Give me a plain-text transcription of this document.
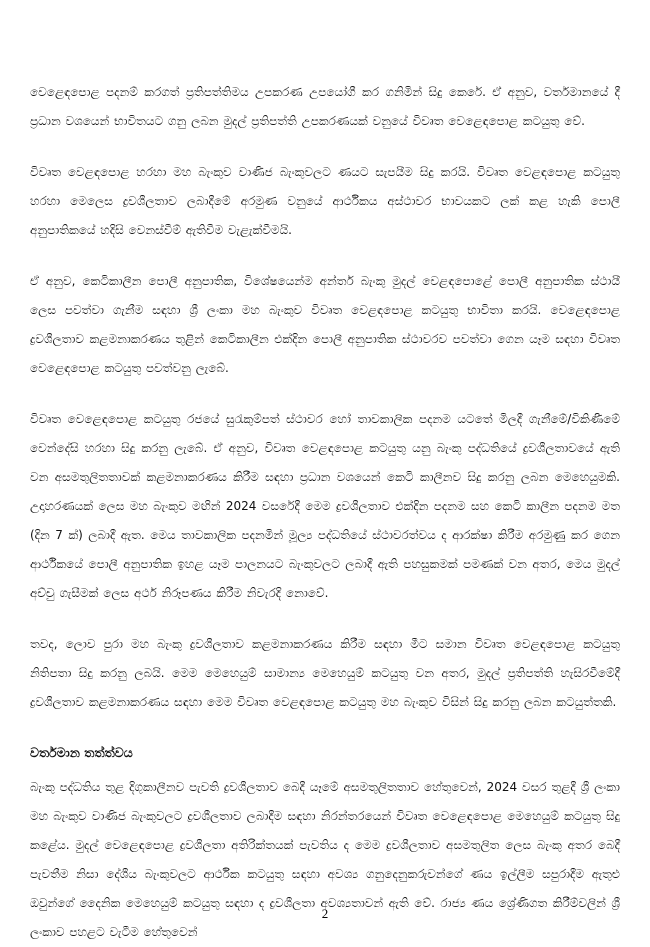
වෙළෙඳපොළ පදනම් කරගත් ප්‍රතිපත්තිමය උපකරණ උපයෝගී කර ගනිමින් සිදු කෙරේ. ඒ අනුව, වර්තමානයේ දී ප්‍රධාන වශයෙන් භාවිතයට ගනු ලබන මුදල් ප්‍රතිපත්ති උපකරණයක් වනුයේ විවෘත වෙළෙඳපොළ කටයුතු වේ.

විවෘත වෙළඳපොළ හරහා මහ බැංකුව වාණිජ බැංකුවලට ණයට සැපයීම සිදු කරයි. විවෘත වෙළඳපොළ කටයුතු හරහා මෙලෙස ද්‍රවශීලතාව ලබාදීමේ අරමුණ වනුයේ ආර්ථිකය අස්ථාවර භාවයකට ලක් කළ හැකි පොලී අනුපාතිකයේ හදිසි වෙනස්වීම් ඇතිවීම වැළැක්වීමයි.

ඒ අනුව, කෙටිකාලීන පොලී අනුපාතික, විශේෂයෙන්ම අන්තර් බැංකු මුදල් වෙළඳපොළේ පොලී අනුපාතික ස්ථායී ලෙස පවත්වා ගැනීම සඳහා ශ්‍රී ලංකා මහ බැංකුව විවෘත වෙළඳපොළ කටයුතු භාවිතා කරයි. වෙළෙඳපොළ ද්‍රවශීලතාව කළමනාකරණය තුළින් කෙටිකාලීන එක්දින පොලී අනුපාතික ස්ථාවරව පවත්වා ගෙන යෑම සඳහා විවෘත වෙළෙඳපොළ කටයුතු පවත්වනු ලැබේ.

විවෘත වෙළෙඳපොළ කටයුතු රජයේ සුරැකුම්පත් ස්ථාවර හෝ තාවකාලික පදනම යටතේ මිලදී ගැනීමේ/විකිණීමේ වෙන්දේසි හරහා සිදු කරනු ලැබේ. ඒ අනුව, විවෘත වෙළඳපොළ කටයුතු යනු බැංකු පද්ධතියේ ද්‍රවශීලතාවයේ ඇති වන අසමතුලිතතාවක් කළමනාකරණය කිරීම සඳහා ප්‍රධාන වශයෙන් කෙටි කාලීනව සිදු කරනු ලබන මෙහෙයුමකි. උදාහරණයක් ලෙස මහ බැංකුව මඟින් 2024 වසරේදී මෙම ද්‍රවශීලතාව එක්දින පදනම සහ කෙටි කාලීන පදනම මත (දින 7 ක්) ලබාදී ඇත. මෙය තාවකාලික පදනමින් මූල්‍ය පද්ධතියේ ස්ථාවරත්වය ද ආරක්ෂා කිරීම අරමුණු කර ගෙන ආර්ථිකයේ පොලී අනුපාතික ඉහළ යෑම පාලනයට බැංකුවලට ලබාදී ඇති පහසුකමක් පමණක් වන අතර, මෙය මුදල් අච්චු ගැසීමක් ලෙස අර්ථ නිරූපණය කිරීම නිවැරදි නොවේ.

තවද, ලොව පුරා මහ බැංකු ද්‍රවශීලතාව කළමනාකරණය කිරීම සඳහා මීට සමාන විවෘත වෙළඳපොළ කටයුතු නිතිපතා සිදු කරනු ලබයි. මෙම මෙහෙයුම් සාමාන්‍ය මෙහෙයුම් කටයුතු වන අතර, මුදල් ප්‍රතිපත්ති හැසිරවීමේදී ද්‍රවශීලතාව කළමනාකරණය සඳහා මෙම විවෘත වෙළඳපොළ කටයුතු මහ බැංකුව විසින් සිදු කරනු ලබන කටයුත්තකි.

වර්තමාන තත්ත්වය

බැංකු පද්ධතිය තුළ දිගුකාලීනව පැවති ද්‍රවශීලතාව බෙදී යෑමේ අසමතුලිතතාව හේතුවෙන්, 2024 වසර තුළදී ශ්‍රී ලංකා මහ බැංකුව වාණිජ බැංකුවලට ද්‍රවශීලතාව ලබාදීම සඳහා නිරන්තරයෙන් විවෘත වෙළෙඳපොළ මෙහෙයුම් කටයුතු සිදු කළේය. මුදල් වෙළෙඳපොළ ද්‍රවශීලතා අතිරික්තයක් පැවතිය ද මෙම ද්‍රවශීලතාව අසමතුලිත ලෙස බැංකු අතර බෙදී පැවතීම නිසා දේශීය බැංකුවලට ආර්ථික කටයුතු සඳහා අවශ්‍ය ගනුදෙනුකරුවන්ගේ ණය ඉල්ලීම සපුරාදීම ඇතුළු ඔවුන්ගේ දෛනික මෙහෙයුම් කටයුතු සඳහා ද ද්‍රවශීලතා අවශ්‍යතාවන් ඇති වේ. රාජ්‍ය ණය ශ්‍රේණිගත කිරීම්වලින් ශ්‍රී ලංකාව පහළට වැටීම හේතුවෙන්

2
